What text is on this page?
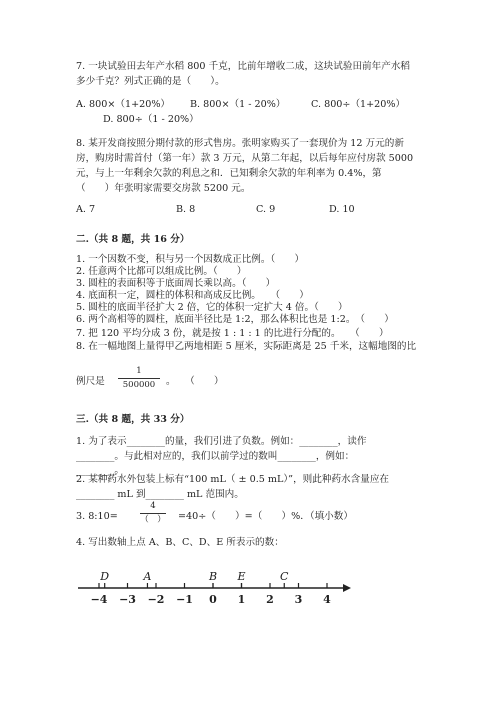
7. 一块试验田去年产水稻 800 千克，比前年增收二成，这块试验田前年产水稻
多少千克？列式正确的是（　　）。
A. 800×（1+20%） B. 800×（1 - 20%）	C. 800÷（1+20%）
D. 800÷（1 - 20%）
8. 某开发商按照分期付款的形式售房。张明家购买了一套现价为 12 万元的新
房，购房时需首付（第一年）款 3 万元，从第二年起，以后每年应付房款 5000
元，与上一年剩余欠款的利息之和．已知剩余欠款的年利率为 0.4%，第
（　　）年张明家需要交房款 5200 元。
A. 7	B. 8	C. 9	D. 10
二.（共 8 题，共 16 分）
1. 一个因数不变，积与另一个因数成正比例。（　　）
2. 任意两个比都可以组成比例。（　　）
3. 圆柱的表面积等于底面周长乘以高。（　　）
4. 底面积一定，圆柱的体积和高成反比例。　　（　　）
5. 圆柱的底面半径扩大 2 倍，它的体积一定扩大 4 倍。（　　）
6. 两个高相等的圆柱，底面半径比是 1:2，那么体积比也是 1:2。　（　　）
7. 把 120 平均分成 3 份，就是按 1 : 1 : 1 的比进行分配的。　　（　　）
8. 在一幅地图上量得甲乙两地相距 5 厘米，实际距离是 25 千米，这幅地图的比
例尺是
1
500000	。　　（　　）
三.（共 8 题，共 33 分）
1. 为了表示________的量，我们引进了负数。例如：________，读作
________。与此相对应的，我们以前学过的数叫________，例如：
________。
2. 某种药水外包装上标有“100 mL（ ± 0.5 mL）”，则此种药水含量应在
________ mL 到________ mL 范围内。
3. 8:10=
4
（　） =40÷（　　）=（　　）%．（填小数）
4. 写出数轴上点 A、B、C、D、E 所表示的数：
−4 −3 −2 −1 0 1 2 3 4
D	A	B E	C
